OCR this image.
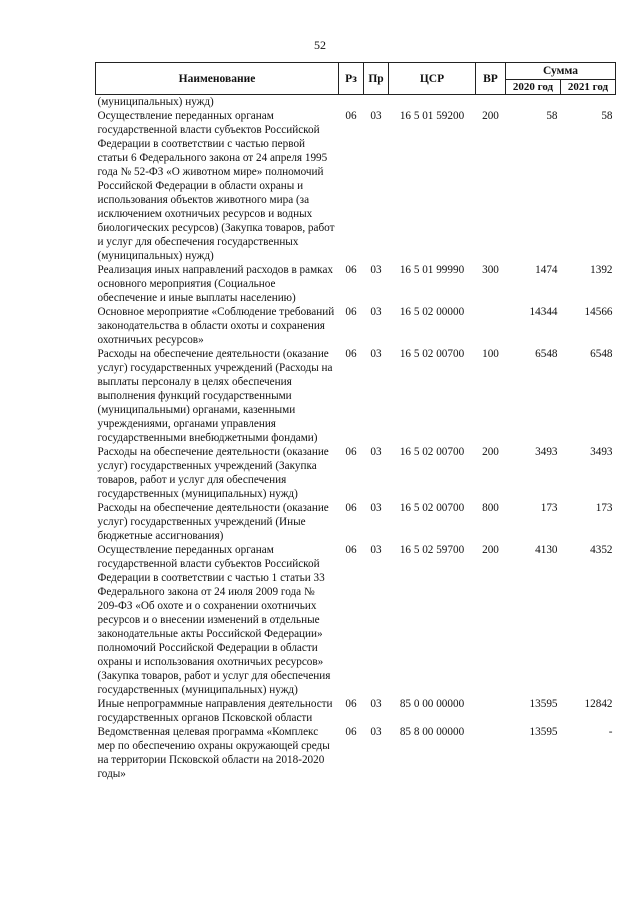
52
Наименование	Рз	Пр	ЦСР	ВР	Сумма	
					2020 год	2021 год
(муниципальных) нужд)						
Осуществление переданных органам государственной власти субъектов Российской Федерации в соответствии с частью первой статьи 6 Федерального закона от 24 апреля 1995 года № 52-ФЗ «О животном мире» полномочий Российской Федерации в области охраны и использования объектов животного мира (за исключением охотничьих ресурсов и водных биологических ресурсов) (Закупка товаров, работ и услуг для обеспечения государственных (муниципальных) нужд)	06	03	16 5 01 59200	200	58	58
Реализация иных направлений расходов в рамках основного мероприятия (Социальное обеспечение и иные выплаты населению)	06	03	16 5 01 99990	300	1474	1392
Основное мероприятие «Соблюдение требований законодательства в области охоты и сохранения охотничьих ресурсов»	06	03	16 5 02 00000		14344	14566
Расходы на обеспечение деятельности (оказание услуг) государственных учреждений (Расходы на выплаты персоналу в целях обеспечения выполнения функций государственными (муниципальными) органами, казенными учреждениями, органами управления государственными внебюджетными фондами)	06	03	16 5 02 00700	100	6548	6548
Расходы на обеспечение деятельности (оказание услуг) государственных учреждений (Закупка товаров, работ и услуг для обеспечения государственных (муниципальных) нужд)	06	03	16 5 02 00700	200	3493	3493
Расходы на обеспечение деятельности (оказание услуг) государственных учреждений (Иные бюджетные ассигнования)	06	03	16 5 02 00700	800	173	173
Осуществление переданных органам государственной власти субъектов Российской Федерации в соответствии с частью 1 статьи 33 Федерального закона от 24 июля 2009 года № 209-ФЗ «Об охоте и о сохранении охотничьих ресурсов и о внесении изменений в отдельные законодательные акты Российской Федерации» полномочий Российской Федерации в области охраны и использования охотничьих ресурсов» (Закупка товаров, работ и услуг для обеспечения государственных (муниципальных) нужд)	06	03	16 5 02 59700	200	4130	4352
Иные непрограммные направления деятельности государственных органов Псковской области	06	03	85 0 00 00000		13595	12842
Ведомственная целевая программа «Комплекс мер по обеспечению охраны окружающей среды на территории Псковской области на 2018-2020 годы»	06	03	85 8 00 00000		13595	-
